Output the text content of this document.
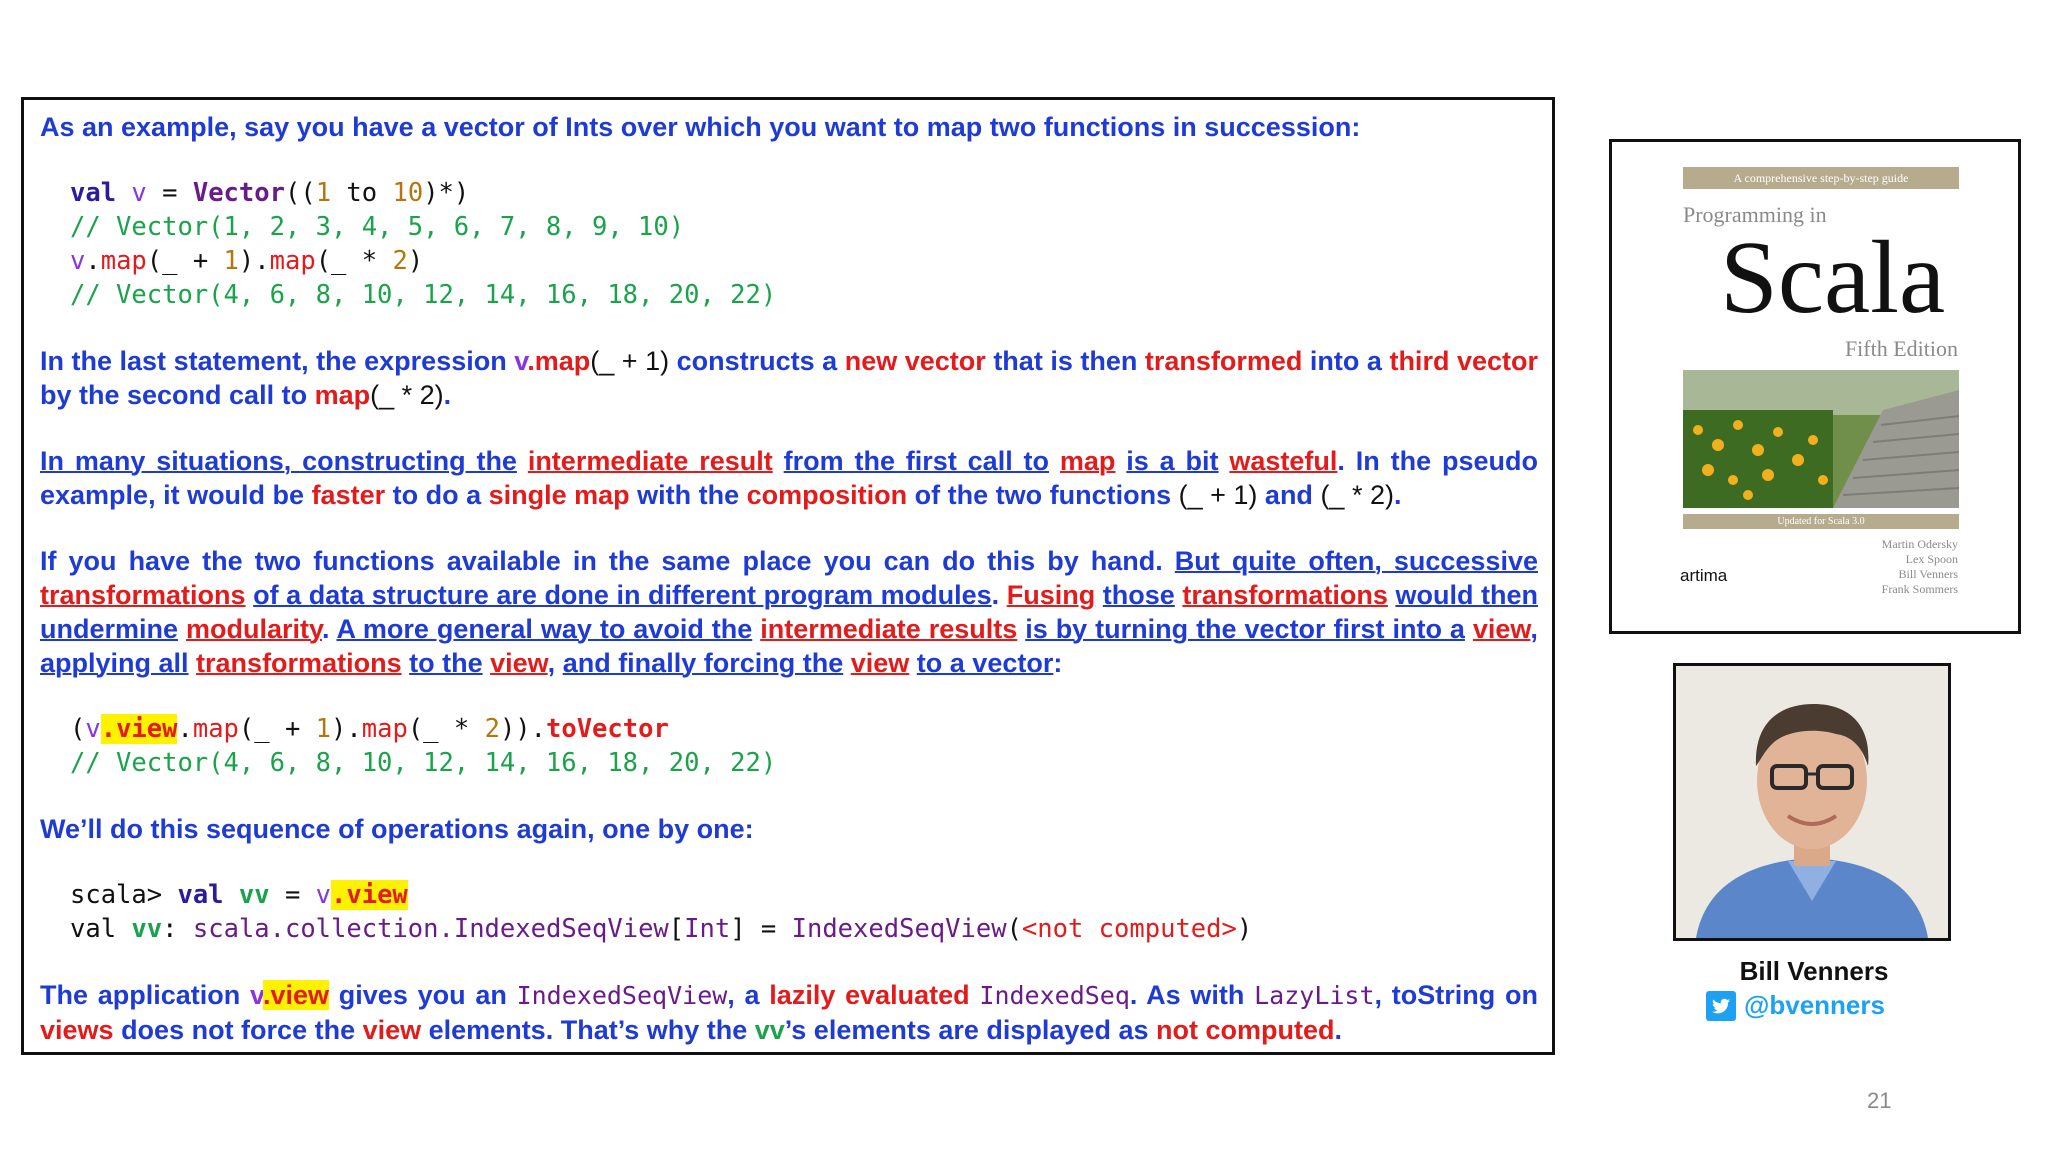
As an example, say you have a vector of Ints over which you want to map two functions in succession:

val v = Vector((1 to 10)*)
// Vector(1, 2, 3, 4, 5, 6, 7, 8, 9, 10)
v.map(_ + 1).map(_ * 2)
// Vector(4, 6, 8, 10, 12, 14, 16, 18, 20, 22)

In the last statement, the expression v.map(_ + 1) constructs a new vector that is then transformed into a third vector by the second call to map(_ * 2).

In many situations, constructing the intermediate result from the first call to map is a bit wasteful. In the pseudo example, it would be faster to do a single map with the composition of the two functions (_ + 1) and (_ * 2).

If you have the two functions available in the same place you can do this by hand. But quite often, successive transformations of a data structure are done in different program modules. Fusing those transformations would then undermine modularity. A more general way to avoid the intermediate results is by turning the vector first into a view, applying all transformations to the view, and finally forcing the view to a vector:

(v.view.map(_ + 1).map(_ * 2)).toVector
// Vector(4, 6, 8, 10, 12, 14, 16, 18, 20, 22)

We’ll do this sequence of operations again, one by one:

scala> val vv = v.view
val vv: scala.collection.IndexedSeqView[Int] = IndexedSeqView(<not computed>)

The application v.view gives you an IndexedSeqView, a lazily evaluated IndexedSeq. As with LazyList, toString on views does not force the view elements. That’s why the vv’s elements are displayed as not computed.

A comprehensive step-by-step guide
Programming in
Scala
Fifth Edition
Updated for Scala 3.0
artima
Martin Odersky
Lex Spoon
Bill Venners
Frank Sommers
Bill Venners
@bvenners
21
